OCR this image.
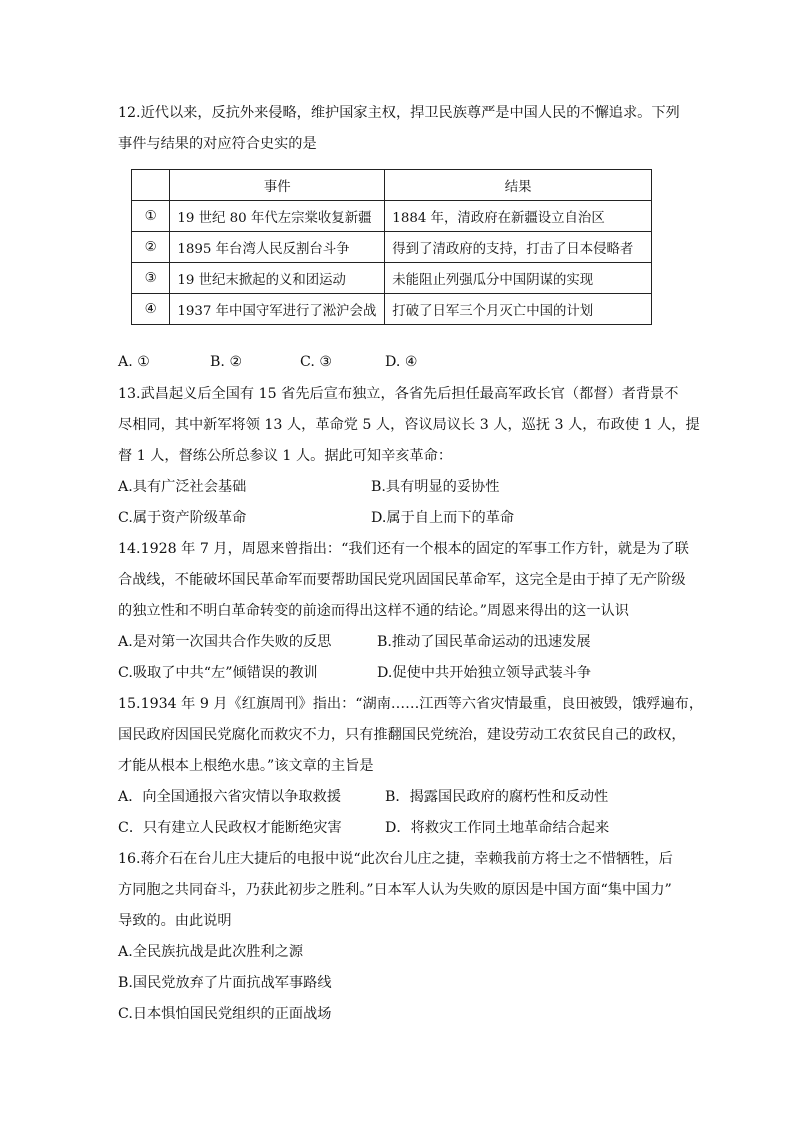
12.近代以来，反抗外来侵略，维护国家主权，捍卫民族尊严是中国人民的不懈追求。下列
事件与结果的对应符合史实的是
	事件	结果
①	19 世纪 80 年代左宗棠收复新疆	1884 年，清政府在新疆设立自治区
②	1895 年台湾人民反割台斗争	得到了清政府的支持，打击了日本侵略者
③	19 世纪末掀起的义和团运动	未能阻止列强瓜分中国阴谋的实现
④	1937 年中国守军进行了淞沪会战	打破了日军三个月灭亡中国的计划
A. ①	B. ②	C. ③	D. ④
13.武昌起义后全国有 15 省先后宣布独立，各省先后担任最高军政长官（都督）者背景不
尽相同，其中新军将领 13 人，革命党 5 人，咨议局议长 3 人，巡抚 3 人，布政使 1 人，提
督 1 人，督练公所总参议 1 人。据此可知辛亥革命：
A.具有广泛社会基础	B.具有明显的妥协性
C.属于资产阶级革命	D.属于自上而下的革命
14.1928 年 7 月，周恩来曾指出：“我们还有一个根本的固定的军事工作方针，就是为了联
合战线，不能破坏国民革命军而要帮助国民党巩固国民革命军，这完全是由于掉了无产阶级
的独立性和不明白革命转变的前途而得出这样不通的结论。”周恩来得出的这一认识
A.是对第一次国共合作失败的反思	B.推动了国民革命运动的迅速发展
C.吸取了中共“左”倾错误的教训	D.促使中共开始独立领导武装斗争
15.1934 年 9 月《红旗周刊》指出：“湖南……江西等六省灾情最重，良田被毁，饿殍遍布，
国民政府因国民党腐化而救灾不力，只有推翻国民党统治，建设劳动工农贫民自己的政权，
才能从根本上根绝水患。”该文章的主旨是
A．向全国通报六省灾情以争取救援	B．揭露国民政府的腐朽性和反动性
C．只有建立人民政权才能断绝灾害	D．将救灾工作同土地革命结合起来
16.蒋介石在台儿庄大捷后的电报中说“此次台儿庄之捷，幸赖我前方将士之不惜牺牲，后
方同胞之共同奋斗，乃获此初步之胜利。”日本军人认为失败的原因是中国方面“集中国力”
导致的。由此说明
A.全民族抗战是此次胜利之源
B.国民党放弃了片面抗战军事路线
C.日本惧怕国民党组织的正面战场
